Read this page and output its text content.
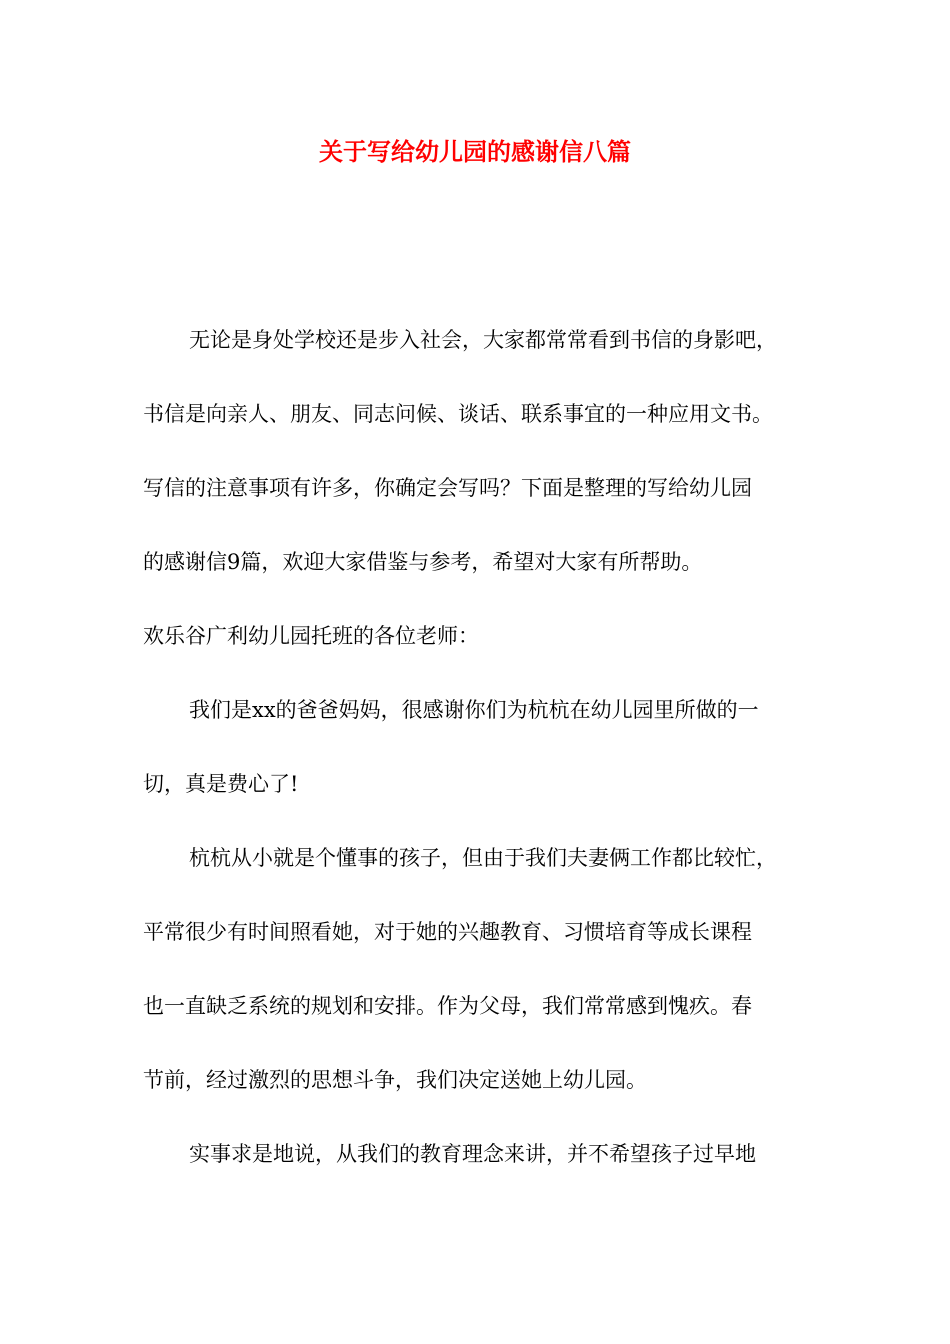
关于写给幼儿园的感谢信八篇
无论是身处学校还是步入社会，大家都常常看到书信的身影吧，
书信是向亲人、朋友、同志问候、谈话、联系事宜的一种应用文书。
写信的注意事项有许多，你确定会写吗？下面是整理的写给幼儿园
的感谢信9篇，欢迎大家借鉴与参考，希望对大家有所帮助。
欢乐谷广利幼儿园托班的各位老师：
我们是xx的爸爸妈妈，很感谢你们为杭杭在幼儿园里所做的一
切，真是费心了!
杭杭从小就是个懂事的孩子，但由于我们夫妻俩工作都比较忙，
平常很少有时间照看她，对于她的兴趣教育、习惯培育等成长课程
也一直缺乏系统的规划和安排。作为父母，我们常常感到愧疚。春
节前，经过激烈的思想斗争，我们决定送她上幼儿园。
实事求是地说，从我们的教育理念来讲，并不希望孩子过早地
